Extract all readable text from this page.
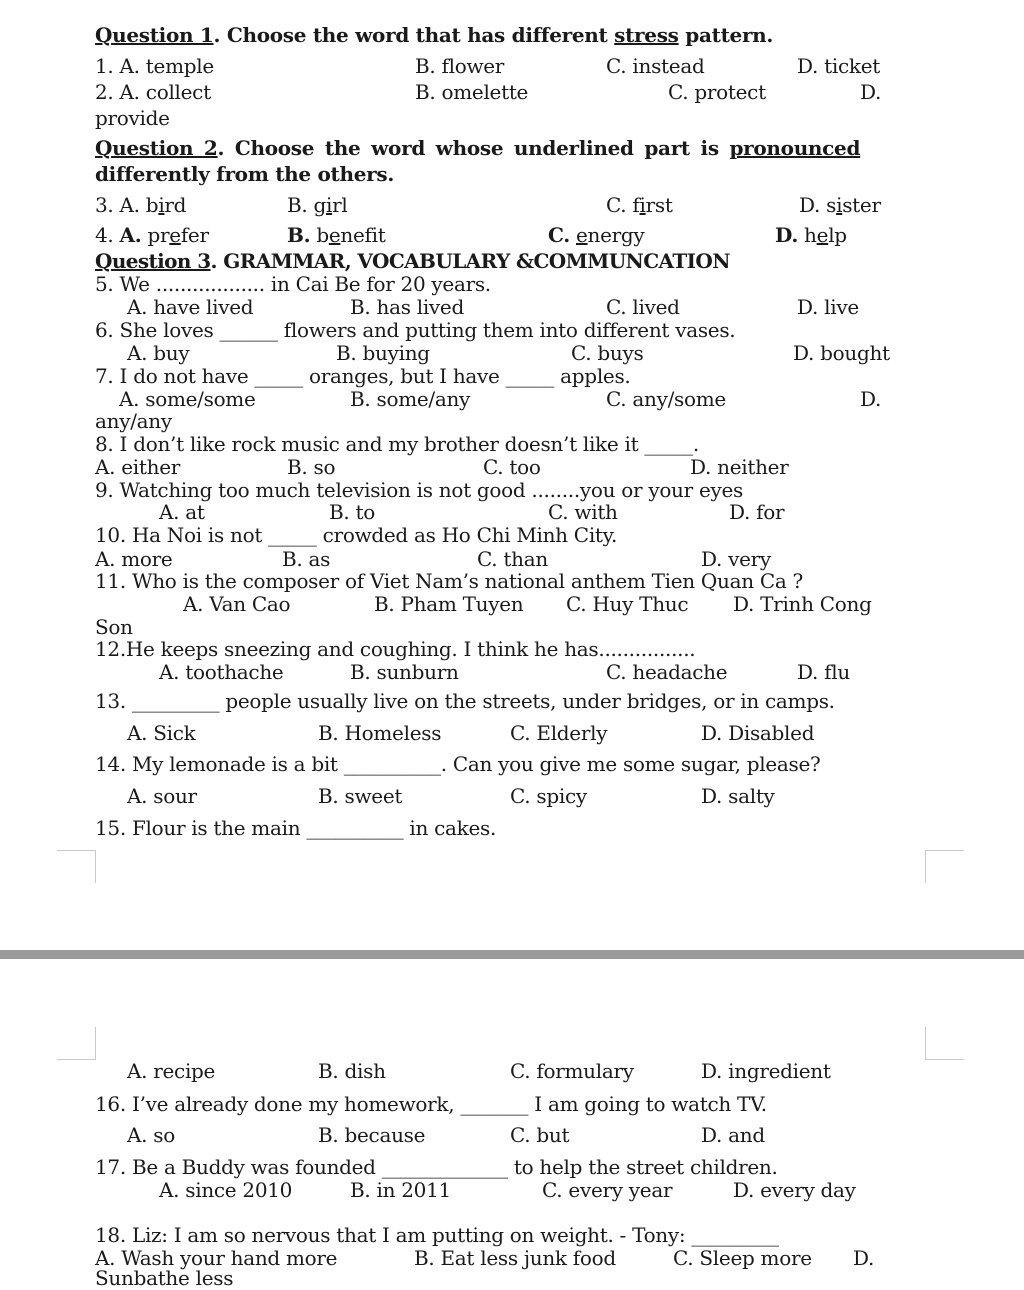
Question 1. Choose the word that has different stress pattern.
1. A. temple	B. flower	C. instead	D. ticket
2. A. collect	B. omelette	C. protect	D.
provide
Question 2. Choose the word whose underlined part is pronounced
differently from the others.
3. A. bird	B. girl	C. first	D. sister
4. A. prefer	B. benefit	C. energy	D. help
Question 3. GRAMMAR, VOCABULARY &COMMUNCATION
5. We .................. in Cai Be for 20 years.
A. have lived	B. has lived	C. lived	D. live
6. She loves ______ flowers and putting them into different vases.
A. buy	B. buying	C. buys	D. bought
7. I do not have _____ oranges, but I have _____ apples.
A. some/some	B. some/any	C. any/some	D.
any/any
8. I don’t like rock music and my brother doesn’t like it _____.
A. either	B. so	C. too	D. neither
9. Watching too much television is not good ........you or your eyes
A. at	B. to	C. with	D. for
10. Ha Noi is not _____ crowded as Ho Chi Minh City.
A. more	B. as	C. than	D. very
11. Who is the composer of Viet Nam’s national anthem Tien Quan Ca ?
A. Van Cao	B. Pham Tuyen C. Huy Thuc D. Trinh Cong
Son
12.He keeps sneezing and coughing. I think he has................
A. toothache	B. sunburn	C. headache	D. flu
13. _________ people usually live on the streets, under bridges, or in camps.
A. Sick	B. Homeless	C. Elderly	D. Disabled
14. My lemonade is a bit __________. Can you give me some sugar, please?
A. sour	B. sweet	C. spicy	D. salty
15. Flour is the main __________ in cakes.
A. recipe	B. dish	C. formulary	D. ingredient
16. I’ve already done my homework, _______ I am going to watch TV.
A. so	B. because	C. but	D. and
17. Be a Buddy was founded _____________ to help the street children.
A. since 2010	B. in 2011	C. every year	D. every day
18. Liz: I am so nervous that I am putting on weight. - Tony: _________
A. Wash your hand more	B. Eat less junk food	C. Sleep more D.
Sunbathe less
